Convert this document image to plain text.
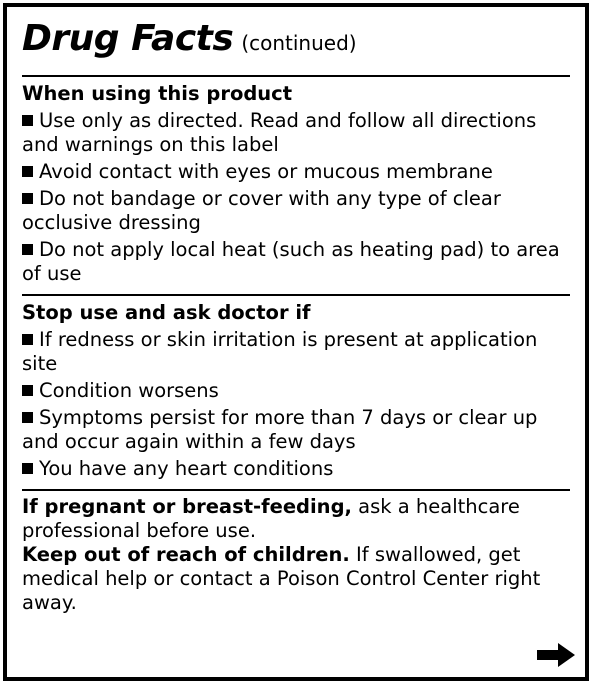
Drug Facts (continued)
When using this product
Use only as directed. Read and follow all directions and warnings on this label
Avoid contact with eyes or mucous membrane
Do not bandage or cover with any type of clear occlusive dressing
Do not apply local heat (such as heating pad) to area of use
Stop use and ask doctor if
If redness or skin irritation is present at application site
Condition worsens
Symptoms persist for more than 7 days or clear up and occur again within a few days
You have any heart conditions
If pregnant or breast-feeding, ask a healthcare professional before use.
Keep out of reach of children. If swallowed, get medical help or contact a Poison Control Center right away.
